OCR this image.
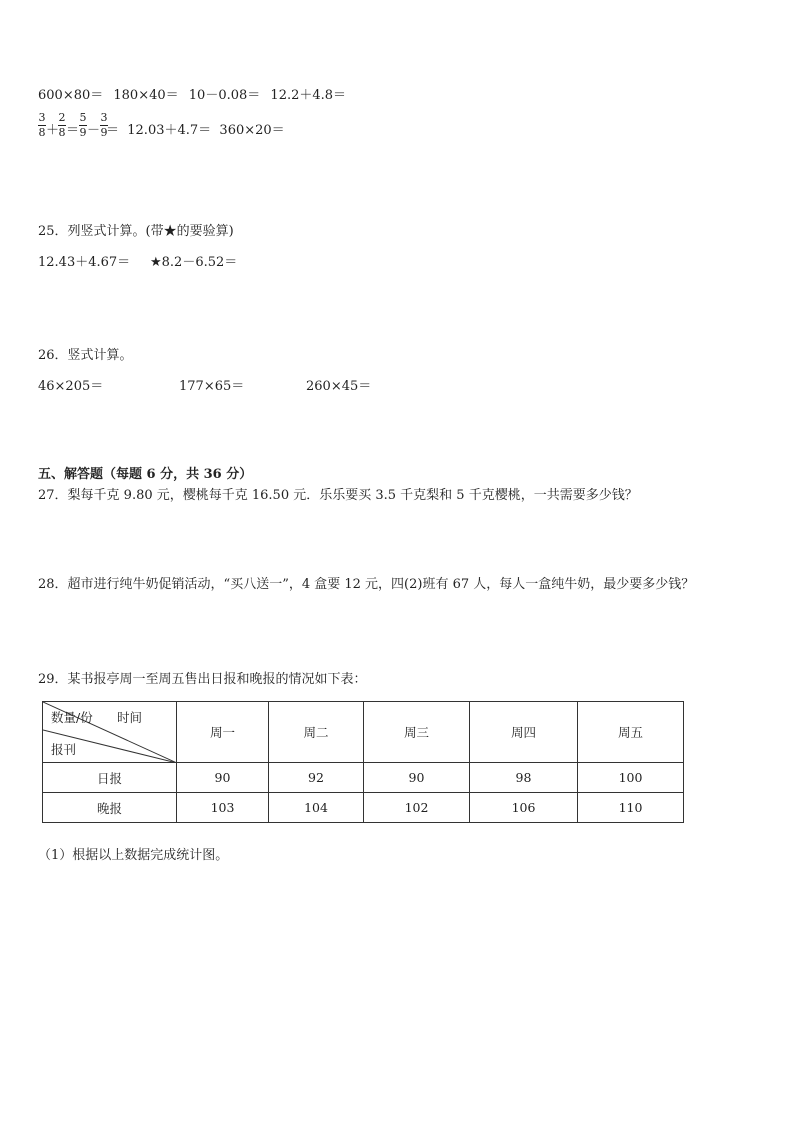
600×80＝ 180×40＝ 10－0.08＝ 12.2＋4.8＝
3
8 ＋
2
8 ＝
5
9 －
3
9
＝  12.03＋4.7＝  360×20＝
25．列竖式计算。(带★的要验算)
12.43＋4.67＝ ★8.2－6.52＝
26．竖式计算。
46×205＝	177×65＝	260×45＝
五、解答题（每题 6 分，共 36 分）
27．梨每千克 9.80 元，樱桃每千克 16.50 元．乐乐要买 3.5 千克梨和 5 千克樱桃，一共需要多少钱？
28．超市进行纯牛奶促销活动，“买八送一”，4 盒要 12 元，四(2)班有 67 人，每人一盒纯牛奶，最少要多少钱？
29．某书报亭周一至周五售出日报和晚报的情况如下表：
数量/份 时间
报刊	周一	周二	周三	周四	周五
日报	90	92	90	98	100
晚报	103	104	102	106	110
（1）根据以上数据完成统计图。
